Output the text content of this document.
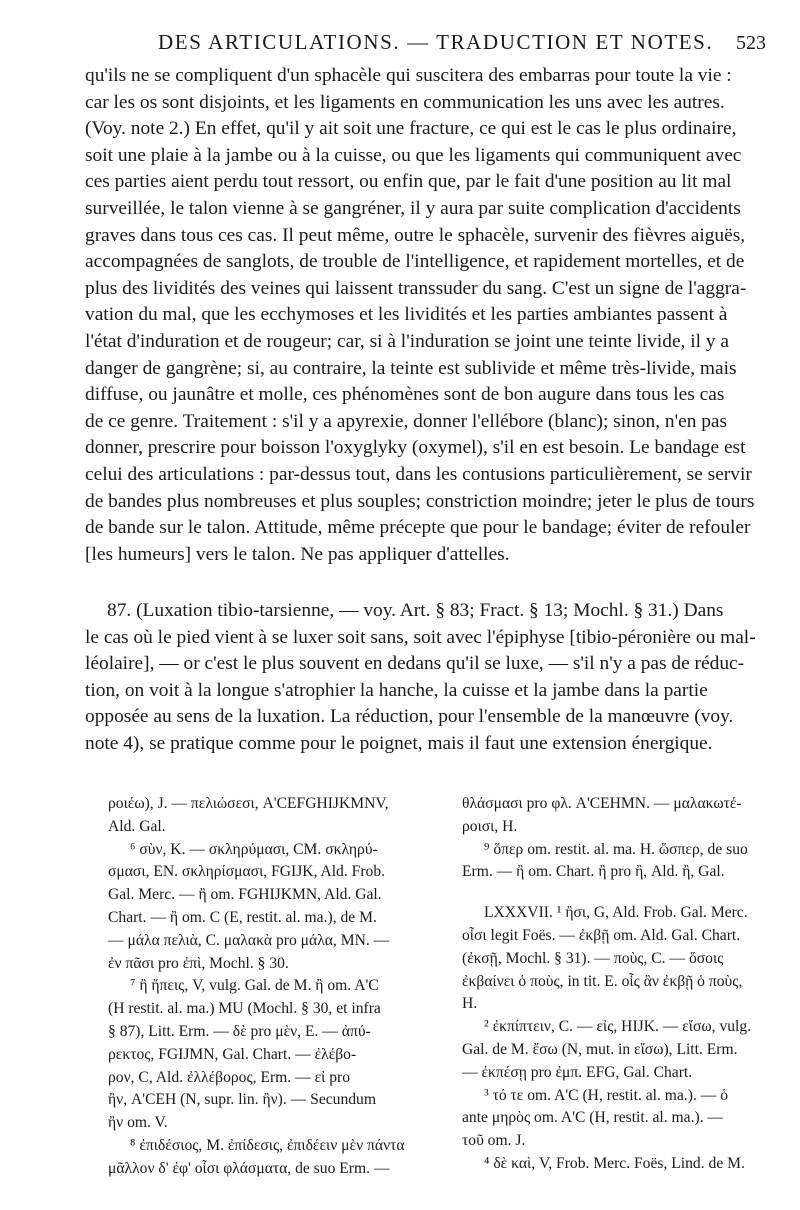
DES ARTICULATIONS. — TRADUCTION ET NOTES. 523
qu'ils ne se compliquent d'un sphacèle qui suscitera des embarras pour toute la vie :
car les os sont disjoints, et les ligaments en communication les uns avec les autres.
(Voy. note 2.) En effet, qu'il y ait soit une fracture, ce qui est le cas le plus ordinaire,
soit une plaie à la jambe ou à la cuisse, ou que les ligaments qui communiquent avec
ces parties aient perdu tout ressort, ou enfin que, par le fait d'une position au lit mal
surveillée, le talon vienne à se gangréner, il y aura par suite complication d'accidents
graves dans tous ces cas. Il peut même, outre le sphacèle, survenir des fièvres aiguës,
accompagnées de sanglots, de trouble de l'intelligence, et rapidement mortelles, et de
plus des lividités des veines qui laissent transsuder du sang. C'est un signe de l'aggra-
vation du mal, que les ecchymoses et les lividités et les parties ambiantes passent à
l'état d'induration et de rougeur; car, si à l'induration se joint une teinte livide, il y a
danger de gangrène; si, au contraire, la teinte est sublivide et même très-livide, mais
diffuse, ou jaunâtre et molle, ces phénomènes sont de bon augure dans tous les cas
de ce genre. Traitement : s'il y a apyrexie, donner l'ellébore (blanc); sinon, n'en pas
donner, prescrire pour boisson l'oxyglyky (oxymel), s'il en est besoin. Le bandage est
celui des articulations : par-dessus tout, dans les contusions particulièrement, se servir
de bandes plus nombreuses et plus souples; constriction moindre; jeter le plus de tours
de bande sur le talon. Attitude, même précepte que pour le bandage; éviter de refouler
[les humeurs] vers le talon. Ne pas appliquer d'attelles.
87. (Luxation tibio-tarsienne, — voy. Art. § 83; Fract. § 13; Mochl. § 31.) Dans
le cas où le pied vient à se luxer soit sans, soit avec l'épiphyse [tibio-péronière ou mal-
léolaire], — or c'est le plus souvent en dedans qu'il se luxe, — s'il n'y a pas de réduc-
tion, on voit à la longue s'atrophier la hanche, la cuisse et la jambe dans la partie
opposée au sens de la luxation. La réduction, pour l'ensemble de la manœuvre (voy.
note 4), se pratique comme pour le poignet, mais il faut une extension énergique.
ροιέω), J. — πελιώσεσι, A'CEFGHIJKMNV,
Ald. Gal.
⁶ σὺν, K. — σκληρύμασι, CM. σκληρύ-
σμασι, EN. σκληρίσμασι, FGIJK, Ald. Frob.
Gal. Merc. — ἢ om. FGHIJKMN, Ald. Gal.
Chart. — ἢ om. C (E, restit. al. ma.), de M.
— μάλα πελιὰ, C. μαλακὰ pro μάλα, MN. —
ἐν πᾶσι pro ἐπὶ, Mochl. § 30.
⁷ ἢ ἤπεις, V, vulg. Gal. de M. ἢ om. A'C
(H restit. al. ma.) MU (Mochl. § 30, et infra
§ 87), Litt. Erm. — δὲ pro μὲν, E. — ἀπύ-
ρεκτος, FGIJMN, Gal. Chart. — ἐλέβο-
ρον, C, Ald. ἐλλέβορος, Erm. — εἰ pro
ἢν, A'CEH (N, supr. lin. ἢν). — Secundum
ἢν om. V.
⁸ ἐπιδέσιος, M. ἐπίδεσις, ἐπιδέειν μὲν πάντα
μᾶλλον δ' ἐφ' οἷσι φλάσματα, de suo Erm. —
θλάσμασι pro φλ. A'CEHMN. — μαλακωτέ-
ροισι, H.
⁹ ὅπερ om. restit. al. ma. H. ὥσπερ, de suo
Erm. — ἢ om. Chart. ἢ pro ἢ, Ald. ἢ, Gal.
LXXXVII. ¹ ἢσι, G, Ald. Frob. Gal. Merc.
οἷσι legit Foës. — ἐκβῇ om. Ald. Gal. Chart.
(ἐκσῇ, Mochl. § 31). — ποὺς, C. — ὅσοις
ἐκβαίνει ὁ ποὺς, in tit. E. οἷς ἂν ἐκβῇ ὁ ποὺς,
H.
² ἐκπίπτειν, C. — εἰς, HIJK. — εἴσω, vulg.
Gal. de M. ἔσω (N, mut. in εἴσω), Litt. Erm.
— ἐκπέσῃ pro ἐμπ. EFG, Gal. Chart.
³ τό τε om. A'C (H, restit. al. ma.). — ὁ
ante μηρὸς om. A'C (H, restit. al. ma.). —
τοῦ om. J.
⁴ δὲ καὶ, V, Frob. Merc. Foës, Lind. de M.
